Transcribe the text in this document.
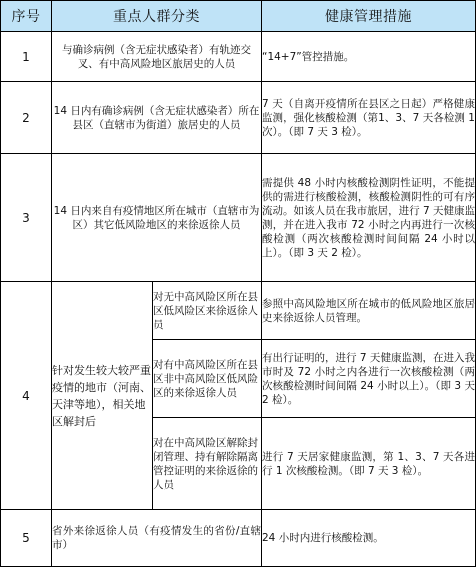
序号	重点人群分类		健康管理措施
1	与确诊病例（含无症状感染者）有轨迹交叉、有中高风险地区旅居史的人员		“14+7”管控措施。
2	14 日内有确诊病例（含无症状感染者）所在县区（直辖市为街道）旅居史的人员		7 天（自离开疫情所在县区之日起）严格健康监测，强化核酸检测（第1、3、7 天各检测 1 次）。（即 7 天 3 检）。
3	14 日内来自有疫情地区所在城市（直辖市为区）其它低风险地区的来徐返徐人员		需提供 48 小时内核酸检测阴性证明，不能提供的需进行核酸检测，核酸检测阴性的可有序流动。如该人员在我市旅居，进行 7 天健康监测，并在进入我市 72 小时之内再进行一次核酸检测（两次核酸检测时间间隔 24 小时以上）。（即 3 天 2 检）。
4	针对发生较大较严重疫情的地市（河南、天津等地），相关地区解封后	对无中高风险区所在县区低风险区来徐返徐人员	参照中高风险地区所在城市的低风险地区旅居史来徐返徐人员管理。
		对有中高风险区所在县区非中高风险区低风险区的来徐返徐人员	有出行证明的，进行 7 天健康监测，在进入我市时及 72 小时之内各进行一次核酸检测（两次核酸检测时间间隔 24 小时以上）。（即 3 天 2 检）。
		对在中高风险区解除封闭管理、持有解除隔离管控证明的来徐返徐的人员	进行 7 天居家健康监测，第 1、3、7 天各进行 1 次核酸检测。（即 7 天 3 检）。
5	省外来徐返徐人员（有疫情发生的省份/直辖市）		24 小时内进行核酸检测。
